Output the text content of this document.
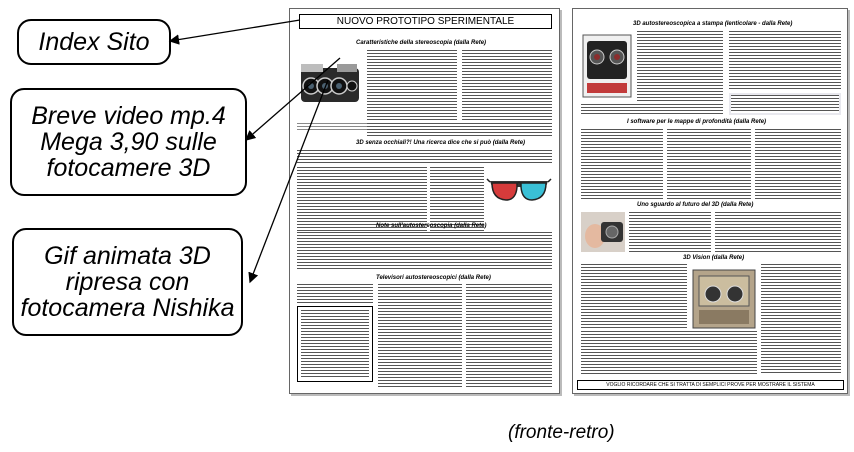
Index Sito
Breve video mp.4
Mega 3,90 sulle
fotocamere 3D
Gif animata 3D
ripresa con
fotocamera Nishika
NUOVO PROTOTIPO SPERIMENTALE
Caratteristiche della stereoscopia (dalla Rete)
3D senza occhiali?! Una ricerca dice che si può (dalla Rete)
Note sull'autostereoscopia (dalla Rete)
Televisori autostereoscopici (dalla Rete)
3D autostereoscopica a stampa (lenticolare - dalla Rete)
I software per le mappe di profondità (dalla Rete)
Uno sguardo al futuro del 3D (dalla Rete)
3D Vision (dalla Rete)
VOGLIO RICORDARE CHE SI TRATTA DI SEMPLICI PROVE PER MOSTRARE IL SISTEMA
(fronte-retro)
